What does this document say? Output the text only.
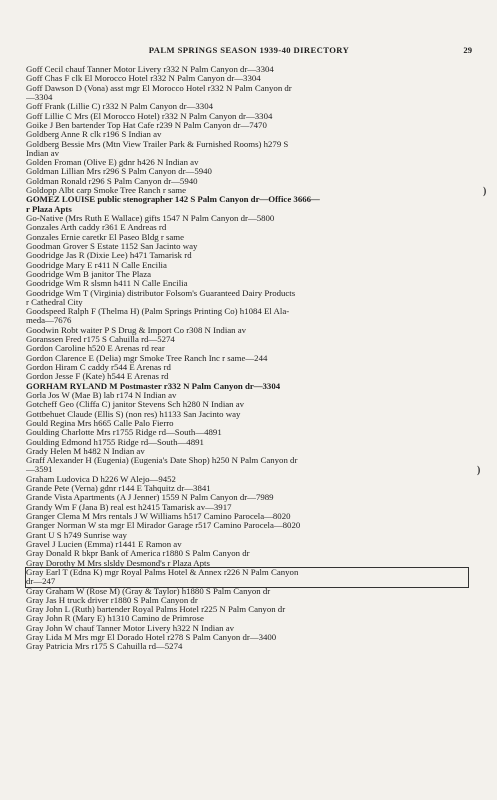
PALM SPRINGS SEASON 1939-40 DIRECTORY	29
)
)
Goff Cecil chauf Tanner Motor Livery r332 N Palm Canyon dr—3304
Goff Chas F clk El Morocco Hotel r332 N Palm Canyon dr—3304
Goff Dawson D (Vona) asst mgr El Morocco Hotel r332 N Palm Canyon dr
—3304
Goff Frank (Lillie C) r332 N Palm Canyon dr—3304
Goff Lillie C Mrs (El Morocco Hotel) r332 N Palm Canyon dr—3304
Goike J Ben bartender Top Hat Cafe r239 N Palm Canyon dr—7470
Goldberg Anne R clk r196 S Indian av
Goldberg Bessie Mrs (Mtn View Trailer Park & Furnished Rooms) h279 S
Indian av
Golden Froman (Olive E) gdnr h426 N Indian av
Goldman Lillian Mrs r296 S Palm Canyon dr—5940
Goldman Ronald r296 S Palm Canyon dr—5940
Goldopp Albt carp Smoke Tree Ranch r same
GOMEZ LOUISE public stenographer 142 S Palm Canyon dr—Office 3666—
r Plaza Apts
Go-Native (Mrs Ruth E Wallace) gifts 1547 N Palm Canyon dr—5800
Gonzales Arth caddy r361 E Andreas rd
Gonzales Ernie caretkr El Paseo Bldg r same
Goodman Grover S Estate 1152 San Jacinto way
Goodridge Jas R (Dixie Lee) h471 Tamarisk rd
Goodridge Mary E r411 N Calle Encilia
Goodridge Wm B janitor The Plaza
Goodridge Wm R slsmn h411 N Calle Encilia
Goodridge Wm T (Virginia) distributor Folsom's Guaranteed Dairy Products
r Cathedral City
Goodspeed Ralph F (Thelma H) (Palm Springs Printing Co) h1084 El Ala-
meda—7676
Goodwin Robt waiter P S Drug & Import Co r308 N Indian av
Goranssen Fred r175 S Cahuilla rd—5274
Gordon Caroline h520 E Arenas rd rear
Gordon Clarence E (Delia) mgr Smoke Tree Ranch Inc r same—244
Gordon Hiram C caddy r544 E Arenas rd
Gordon Jesse F (Kate) h544 E Arenas rd
GORHAM RYLAND M Postmaster r332 N Palm Canyon dr—3304
Gorla Jos W (Mae B) lab r174 N Indian av
Gotcheff Geo (Cliffa C) janitor Stevens Sch h280 N Indian av
Gottbehuet Claude (Ellis S) (non res) h1133 San Jacinto way
Gould Regina Mrs h665 Calle Palo Fierro
Goulding Charlotte Mrs r1755 Ridge rd—South—4891
Goulding Edmond h1755 Ridge rd—South—4891
Grady Helen M h482 N Indian av
Graff Alexander H (Eugenia) (Eugenia's Date Shop) h250 N Palm Canyon dr
—3591
Graham Ludovica D h226 W Alejo—9452
Grande Pete (Verna) gdnr r144 E Tahquitz dr—3841
Grande Vista Apartments (A J Jenner) 1559 N Palm Canyon dr—7989
Grandy Wm F (Jana B) real est h2415 Tamarisk av—3917
Granger Clema M Mrs rentals J W Williams h517 Camino Parocela—8020
Granger Norman W sta mgr El Mirador Garage r517 Camino Parocela—8020
Grant U S h749 Sunrise way
Gravel J Lucien (Emma) r1441 E Ramon av
Gray Donald R bkpr Bank of America r1880 S Palm Canyon dr
Gray Dorothy M Mrs slsldy Desmond's r Plaza Apts
Gray Earl T (Edna K) mgr Royal Palms Hotel & Annex r226 N Palm Canyon
dr—247
Gray Graham W (Rose M) (Gray & Taylor) h1880 S Palm Canyon dr
Gray Jas H truck driver r1880 S Palm Canyon dr
Gray John L (Ruth) bartender Royal Palms Hotel r225 N Palm Canyon dr
Gray John R (Mary E) h1310 Camino de Primrose
Gray John W chauf Tanner Motor Livery h322 N Indian av
Gray Lida M Mrs mgr El Dorado Hotel r278 S Palm Canyon dr—3400
Gray Patricia Mrs r175 S Cahuilla rd—5274
